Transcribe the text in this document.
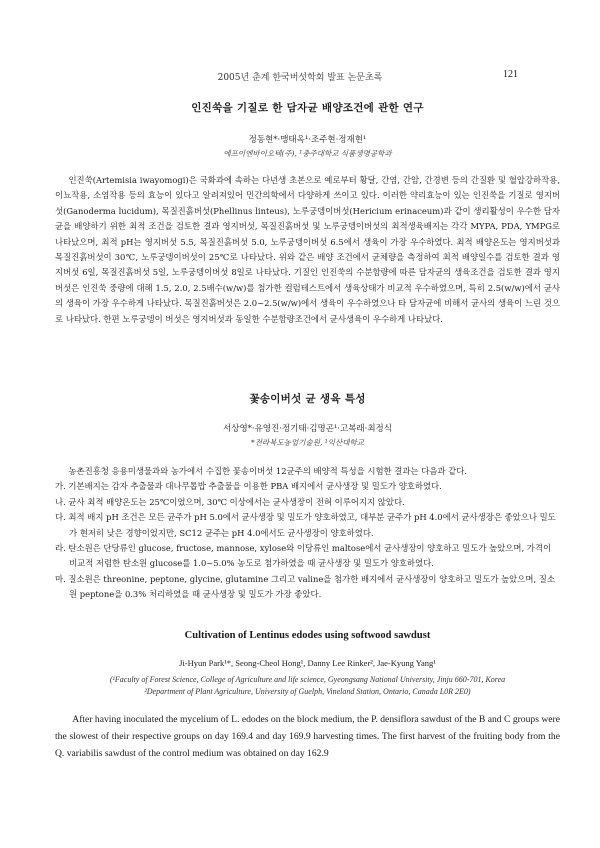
2005년 춘계 한국버섯학회 발표 논문초록	121
인진쑥을 기질로 한 담자균 배양조건에 관한 연구
정동현*·맹태옥¹·조주현·정재현¹
에프이엔바이오텍(주), ¹충주대학교 식품생명공학과

인진쑥(Artemisia iwayomogi)은 국화과에 속하는 다년생 초본으로 예로부터 황달, 간염, 간암, 간경변 등의 간질환 및 혈압강하작용, 이뇨작용, 소염작용 등의 효능이 있다고 알려져있어 민간의학에서 다양하게 쓰이고 있다. 이러한 약리효능이 있는 인진쑥을 기질로 영지버섯(Ganoderma lucidum), 목질진흙버섯(Phellinus linteus), 노루궁뎅이버섯(Hericium erinaceum)과 같이 생리활성이 우수한 담자균을 배양하기 위한 최적 조건을 검토한 결과 영지버섯, 목질진흙버섯 및 노루궁뎅이버섯의 최적생육배지는 각각 MYPA, PDA, YMPG로 나타났으며, 최적 pH는 영지버섯 5.5, 목질진흙버섯 5.0, 노루궁뎅이버섯 6.5에서 생육이 가장 우수하였다. 최적 배양온도는 영지버섯과 목질진흙버섯이 30℃, 노루궁뎅이버섯이 25℃로 나타났다. 위와 같은 배양 조건에서 균체량을 측정하여 최적 배양일수를 검토한 결과 영지버섯 6일, 목질진흙버섯 5일, 노루궁뎅이버섯 8일로 나타났다. 기질인 인진쑥의 수분함량에 따른 담자균의 생육조건을 검토한 결과 영지버섯은 인진쑥 중량에 대해 1.5, 2.0, 2.5배수(w/w)를 첨가한 컬럼테스트에서 생육상태가 비교적 우수하였으며, 특히 2.5(w/w)에서 균사의 생육이 가장 우수하게 나타났다. 목질진흙버섯은 2.0~2.5(w/w)에서 생육이 우수하였으나 타 담자균에 비해서 균사의 생육이 느린 것으로 나타났다. 한편 노루궁뎅이 버섯은 영지버섯과 동일한 수분함량조건에서 균사생육이 우수하게 나타났다.

꽃송이버섯 균 생육 특성
서상영*·유영진·정기태·김명곤¹·고복래·최정식
*전라북도농업기술원, ¹익산대학교
농촌진흥청 응용미생물과와 농가에서 수집한 꽃송이버섯 12균주의 배양적 특성을 시험한 결과는 다음과 같다.
가. 기본배지는 감자 추출물과 대나무톱밥 추출물을 이용한 PBA 배지에서 균사생장 및 밀도가 양호하였다.
나. 균사 최적 배양온도는 25℃이었으며, 30℃ 이상에서는 균사생장이 전혀 이루어지지 않았다.
다. 최적 배지 pH 조건은 모든 균주가 pH 5.0에서 균사생장 및 밀도가 양호하였고, 대부분 균주가 pH 4.0에서 균사생장은 좋았으나 밀도가 현저히 낮은 경향이었지만, SC12 균주는 pH 4.0에서도 균사생장이 양호하였다.
라. 탄소원은 단당류인 glucose, fructose, mannose, xylose와 이당류인 maltose에서 균사생장이 양호하고 밀도가 높았으며, 가격이 비교적 저렴한 탄소원 glucose를 1.0~5.0% 농도로 첨가하였을 때 균사생장 및 밀도가 양호하였다.
마. 질소원은 threonine, peptone, glycine, glutamine 그리고 valine을 첨가한 배지에서 균사생장이 양호하고 밀도가 높았으며, 질소원 peptone을 0.3% 처리하였을 때 균사생장 및 밀도가 가장 좋았다.
Cultivation of Lentinus edodes using softwood sawdust
Ji-Hyun Park¹*, Seong-Cheol Hong¹, Danny Lee Rinker², Jae-Kyung Yang¹
(¹Faculty of Forest Science, College of Agriculture and life science, Gyeongsang National University, Jinju 660-701, Korea
²Department of Plant Agriculture, University of Guelph, Vineland Station, Ontario, Canada L0R 2E0)

After having inoculated the mycelium of L. edodes on the block medium, the P. densiflora sawdust of the B and C groups were the slowest of their respective groups on day 169.4 and day 169.9 harvesting times. The first harvest of the fruiting body from the Q. variabilis sawdust of the control medium was obtained on day 162.9
